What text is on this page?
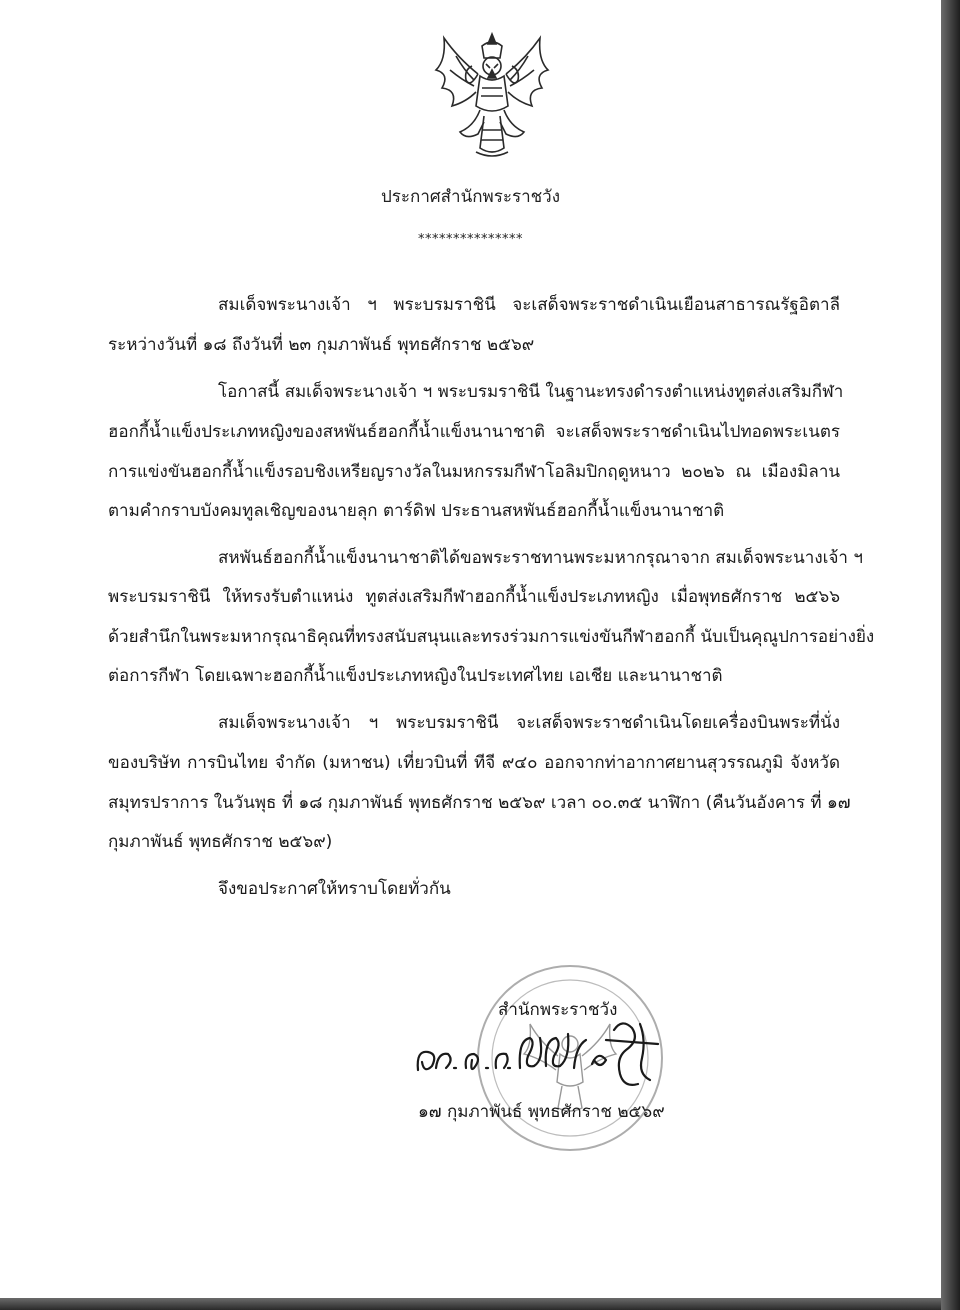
ประกาศสำนักพระราชวัง
***************
สมเด็จพระนางเจ้า ฯ พระบรมราชินี จะเสด็จพระราชดำเนินเยือนสาธารณรัฐอิตาลี
ระหว่างวันที่ ๑๘ ถึงวันที่ ๒๓ กุมภาพันธ์ พุทธศักราช ๒๕๖๙
โอกาสนี้ สมเด็จพระนางเจ้า ฯ พระบรมราชินี ในฐานะทรงดำรงตำแหน่งทูตส่งเสริมกีฬา
ฮอกกี้น้ำแข็งประเภทหญิงของสหพันธ์ฮอกกี้น้ำแข็งนานาชาติ จะเสด็จพระราชดำเนินไปทอดพระเนตร
การแข่งขันฮอกกี้น้ำแข็งรอบชิงเหรียญรางวัลในมหกรรมกีฬาโอลิมปิกฤดูหนาว ๒๐๒๖ ณ เมืองมิลาน
ตามคำกราบบังคมทูลเชิญของนายลุก ตาร์ดิฟ ประธานสหพันธ์ฮอกกี้น้ำแข็งนานาชาติ
สหพันธ์ฮอกกี้น้ำแข็งนานาชาติได้ขอพระราชทานพระมหากรุณาจาก สมเด็จพระนางเจ้า ฯ
พระบรมราชินี ให้ทรงรับตำแหน่ง ทูตส่งเสริมกีฬาฮอกกี้น้ำแข็งประเภทหญิง เมื่อพุทธศักราช ๒๕๖๖
ด้วยสำนึกในพระมหากรุณาธิคุณที่ทรงสนับสนุนและทรงร่วมการแข่งขันกีฬาฮอกกี้ นับเป็นคุณูปการอย่างยิ่ง
ต่อการกีฬา โดยเฉพาะฮอกกี้น้ำแข็งประเภทหญิงในประเทศไทย เอเชีย และนานาชาติ
สมเด็จพระนางเจ้า ฯ พระบรมราชินี จะเสด็จพระราชดำเนินโดยเครื่องบินพระที่นั่ง
ของบริษัท การบินไทย จำกัด (มหาชน) เที่ยวบินที่ ทีจี ๙๔๐ ออกจากท่าอากาศยานสุวรรณภูมิ จังหวัด
สมุทรปราการ ในวันพุธ ที่ ๑๘ กุมภาพันธ์ พุทธศักราช ๒๕๖๙ เวลา ๐๐.๓๕ นาฬิกา (คืนวันอังคาร ที่ ๑๗
กุมภาพันธ์ พุทธศักราช ๒๕๖๙)
จึงขอประกาศให้ทราบโดยทั่วกัน
สำนักพระราชวัง
๑๗ กุมภาพันธ์ พุทธศักราช ๒๕๖๙
